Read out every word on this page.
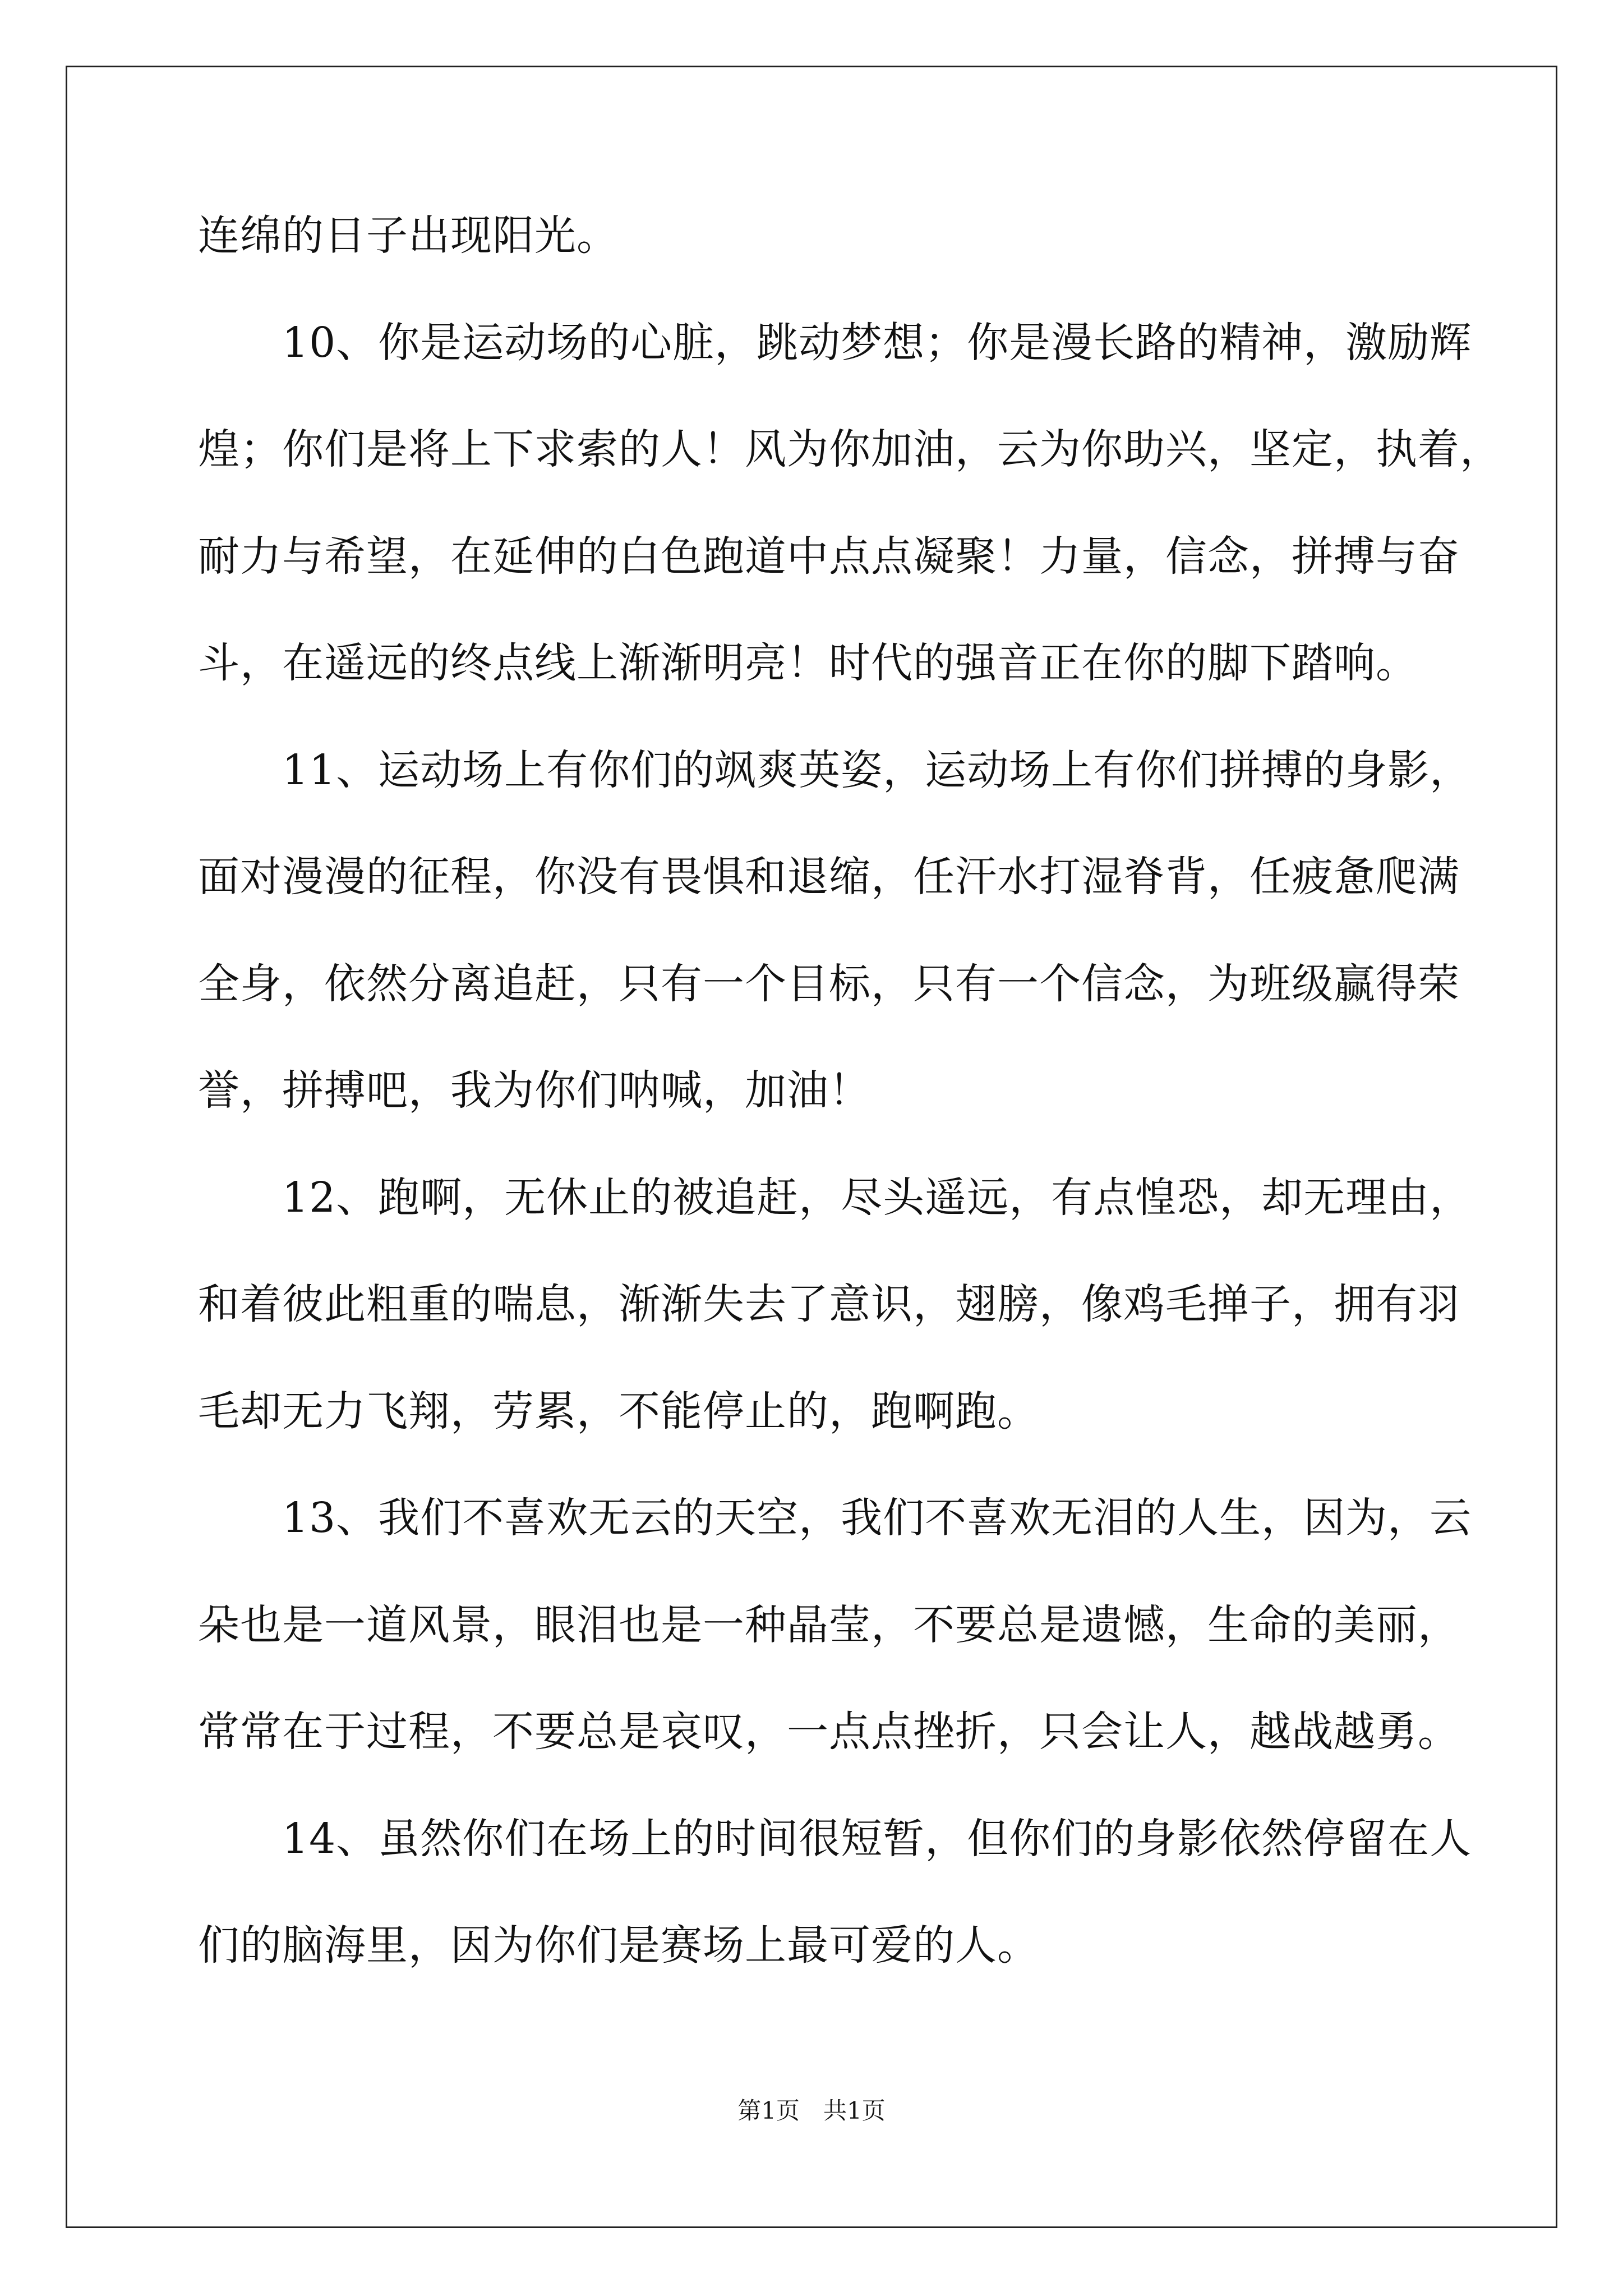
连绵的日子出现阳光。
　　10、你是运动场的心脏，跳动梦想；你是漫长路的精神，激励辉
煌；你们是将上下求索的人！风为你加油，云为你助兴，坚定，执着，
耐力与希望，在延伸的白色跑道中点点凝聚！力量，信念，拼搏与奋
斗，在遥远的终点线上渐渐明亮！时代的强音正在你的脚下踏响。
　　11、运动场上有你们的飒爽英姿，运动场上有你们拼搏的身影，
面对漫漫的征程，你没有畏惧和退缩，任汗水打湿脊背，任疲惫爬满
全身，依然分离追赶，只有一个目标，只有一个信念，为班级赢得荣
誉，拼搏吧，我为你们呐喊，加油！
　　12、跑啊，无休止的被追赶，尽头遥远，有点惶恐，却无理由，
和着彼此粗重的喘息，渐渐失去了意识，翅膀，像鸡毛掸子，拥有羽
毛却无力飞翔，劳累，不能停止的，跑啊跑。
　　13、我们不喜欢无云的天空，我们不喜欢无泪的人生，因为，云
朵也是一道风景，眼泪也是一种晶莹，不要总是遗憾，生命的美丽，
常常在于过程，不要总是哀叹，一点点挫折，只会让人，越战越勇。
　　14、虽然你们在场上的时间很短暂，但你们的身影依然停留在人
们的脑海里，因为你们是赛场上最可爱的人。
第1页　共1页
